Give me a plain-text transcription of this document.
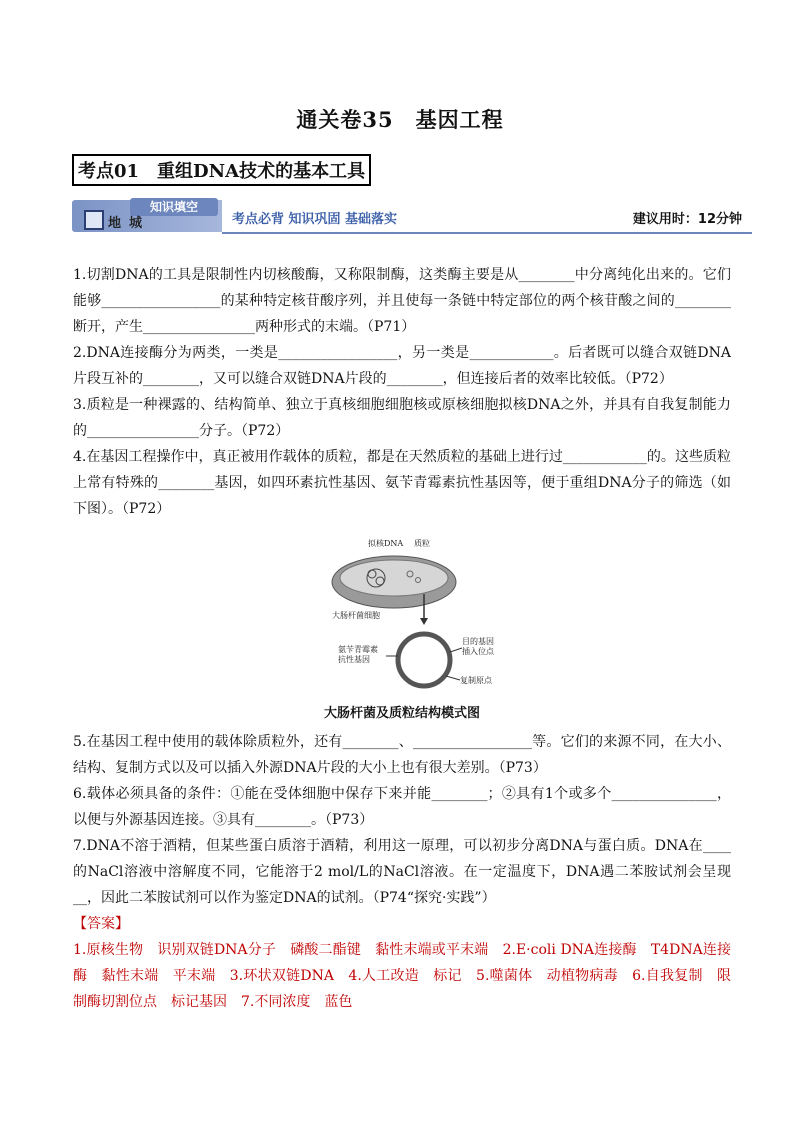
通关卷35　基因工程
考点01　重组DNA技术的基本工具
知识填空
地城	考点必背 知识巩固 基础落实	建议用时：12分钟

1.切割DNA的工具是限制性内切核酸酶，又称限制酶，这类酶主要是从________中分离纯化出来的。它们能够_________________的某种特定核苷酸序列，并且使每一条链中特定部位的两个核苷酸之间的________断开，产生________________两种形式的末端。（P71）

2.DNA连接酶分为两类，一类是_________________，另一类是____________。后者既可以缝合双链DNA片段互补的________，又可以缝合双链DNA片段的________，但连接后者的效率比较低。（P72）

3.质粒是一种裸露的、结构简单、独立于真核细胞细胞核或原核细胞拟核DNA之外，并具有自我复制能力的________________分子。（P72）

4.在基因工程操作中，真正被用作载体的质粒，都是在天然质粒的基础上进行过____________的。这些质粒上常有特殊的________基因，如四环素抗性基因、氨苄青霉素抗性基因等，便于重组DNA分子的筛选（如下图）。（P72）

拟核DNA 质粒
大肠杆菌细胞
目的基因
插入位点
氨苄青霉素
抗性基因
复制原点
大肠杆菌及质粒结构模式图

5.在基因工程中使用的载体除质粒外，还有________、_________________等。它们的来源不同，在大小、结构、复制方式以及可以插入外源DNA片段的大小上也有很大差别。（P73）

6.载体必须具备的条件：①能在受体细胞中保存下来并能________；②具有1个或多个_______________，以便与外源基因连接。③具有________。（P73）

7.DNA不溶于酒精，但某些蛋白质溶于酒精，利用这一原理，可以初步分离DNA与蛋白质。DNA在____的NaCl溶液中溶解度不同，它能溶于2 mol/L的NaCl溶液。在一定温度下，DNA遇二苯胺试剂会呈现__，因此二苯胺试剂可以作为鉴定DNA的试剂。（P74“探究·实践”）

【答案】

1.原核生物　识别双链DNA分子　磷酸二酯键　黏性末端或平末端　2.E·coli DNA连接酶　T4DNA连接酶　黏性末端　平末端　3.环状双链DNA　4.人工改造　标记　5.噬菌体　动植物病毒　6.自我复制　限制酶切割位点　标记基因　7.不同浓度　蓝色
